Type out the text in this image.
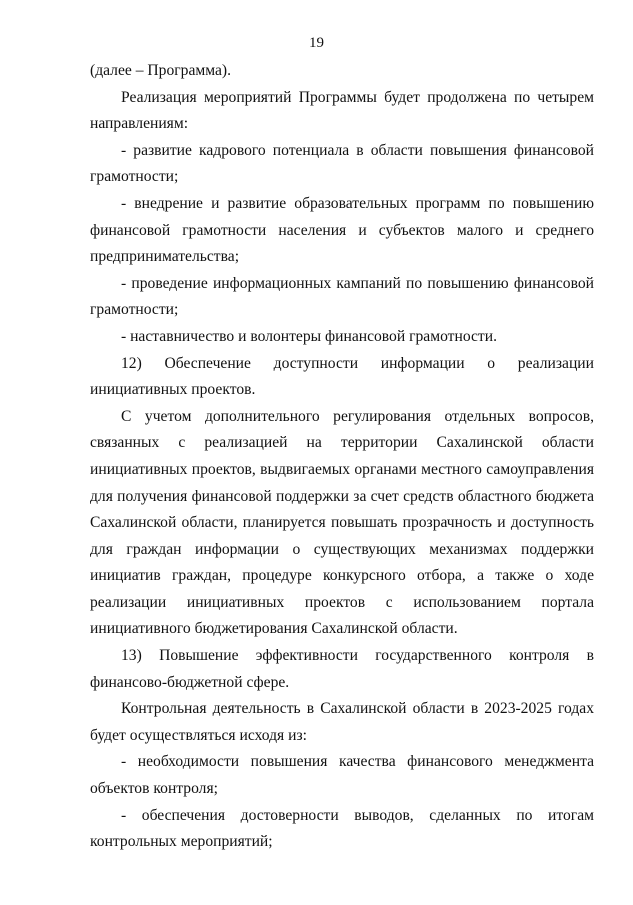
19

(далее – Программа).

Реализация мероприятий Программы будет продолжена по четырем направлениям:

- развитие кадрового потенциала в области повышения финансовой грамотности;

- внедрение и развитие образовательных программ по повышению финансовой грамотности населения и субъектов малого и среднего предпринимательства;

- проведение информационных кампаний по повышению финансовой грамотности;

- наставничество и волонтеры финансовой грамотности.

12) Обеспечение доступности информации о реализации инициативных проектов.

С учетом дополнительного регулирования отдельных вопросов, связанных с реализацией на территории Сахалинской области инициативных проектов, выдвигаемых органами местного самоуправления для получения финансовой поддержки за счет средств областного бюджета Сахалинской области, планируется повышать прозрачность и доступность для граждан информации о существующих механизмах поддержки инициатив граждан, процедуре конкурсного отбора, а также о ходе реализации инициативных проектов с использованием портала инициативного бюджетирования Сахалинской области.

13) Повышение эффективности государственного контроля в финансово-бюджетной сфере.

Контрольная деятельность в Сахалинской области в 2023-2025 годах будет осуществляться исходя из:

- необходимости повышения качества финансового менеджмента объектов контроля;

- обеспечения достоверности выводов, сделанных по итогам контрольных мероприятий;
